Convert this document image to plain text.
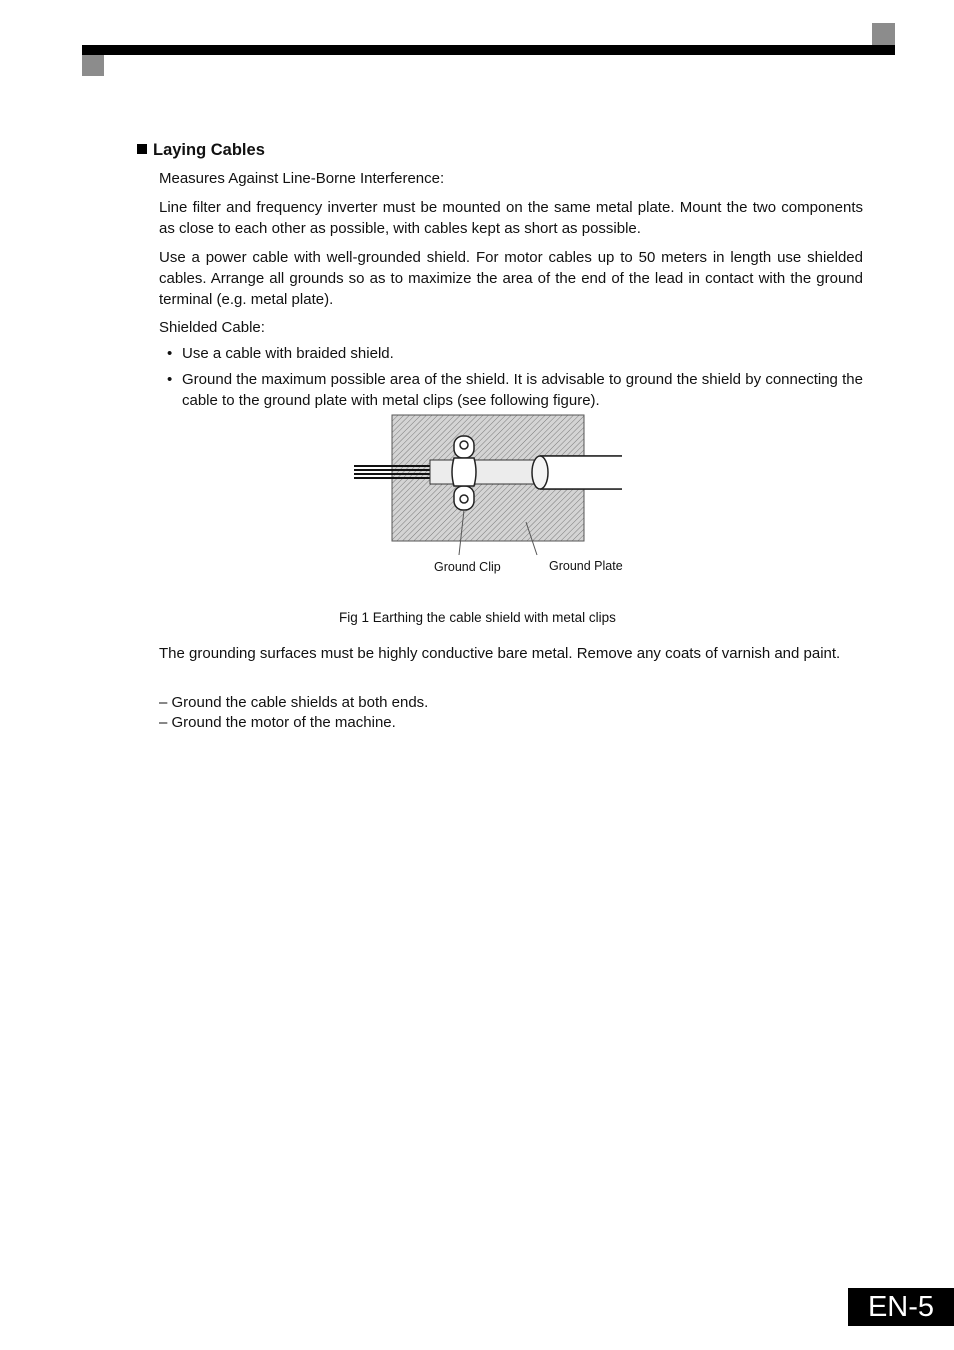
Laying Cables
Measures Against Line-Borne Interference:
Line filter and frequency inverter must be mounted on the same metal plate. Mount the two components as close to each other as possible, with cables kept as short as possible.
Use a power cable with well-grounded shield. For motor cables up to 50 meters in length use shielded cables. Arrange all grounds so as to maximize the area of the end of the lead in contact with the ground terminal (e.g. metal plate).
Shielded Cable:
• Use a cable with braided shield.
• Ground the maximum possible area of the shield. It is advisable to ground the shield by connecting the cable to the ground plate with metal clips (see following figure).
Ground Clip	Ground Plate
Fig 1 Earthing the cable shield with metal clips
The grounding surfaces must be highly conductive bare metal. Remove any coats of varnish and paint.
– Ground the cable shields at both ends.
– Ground the motor of the machine.
EN-5
